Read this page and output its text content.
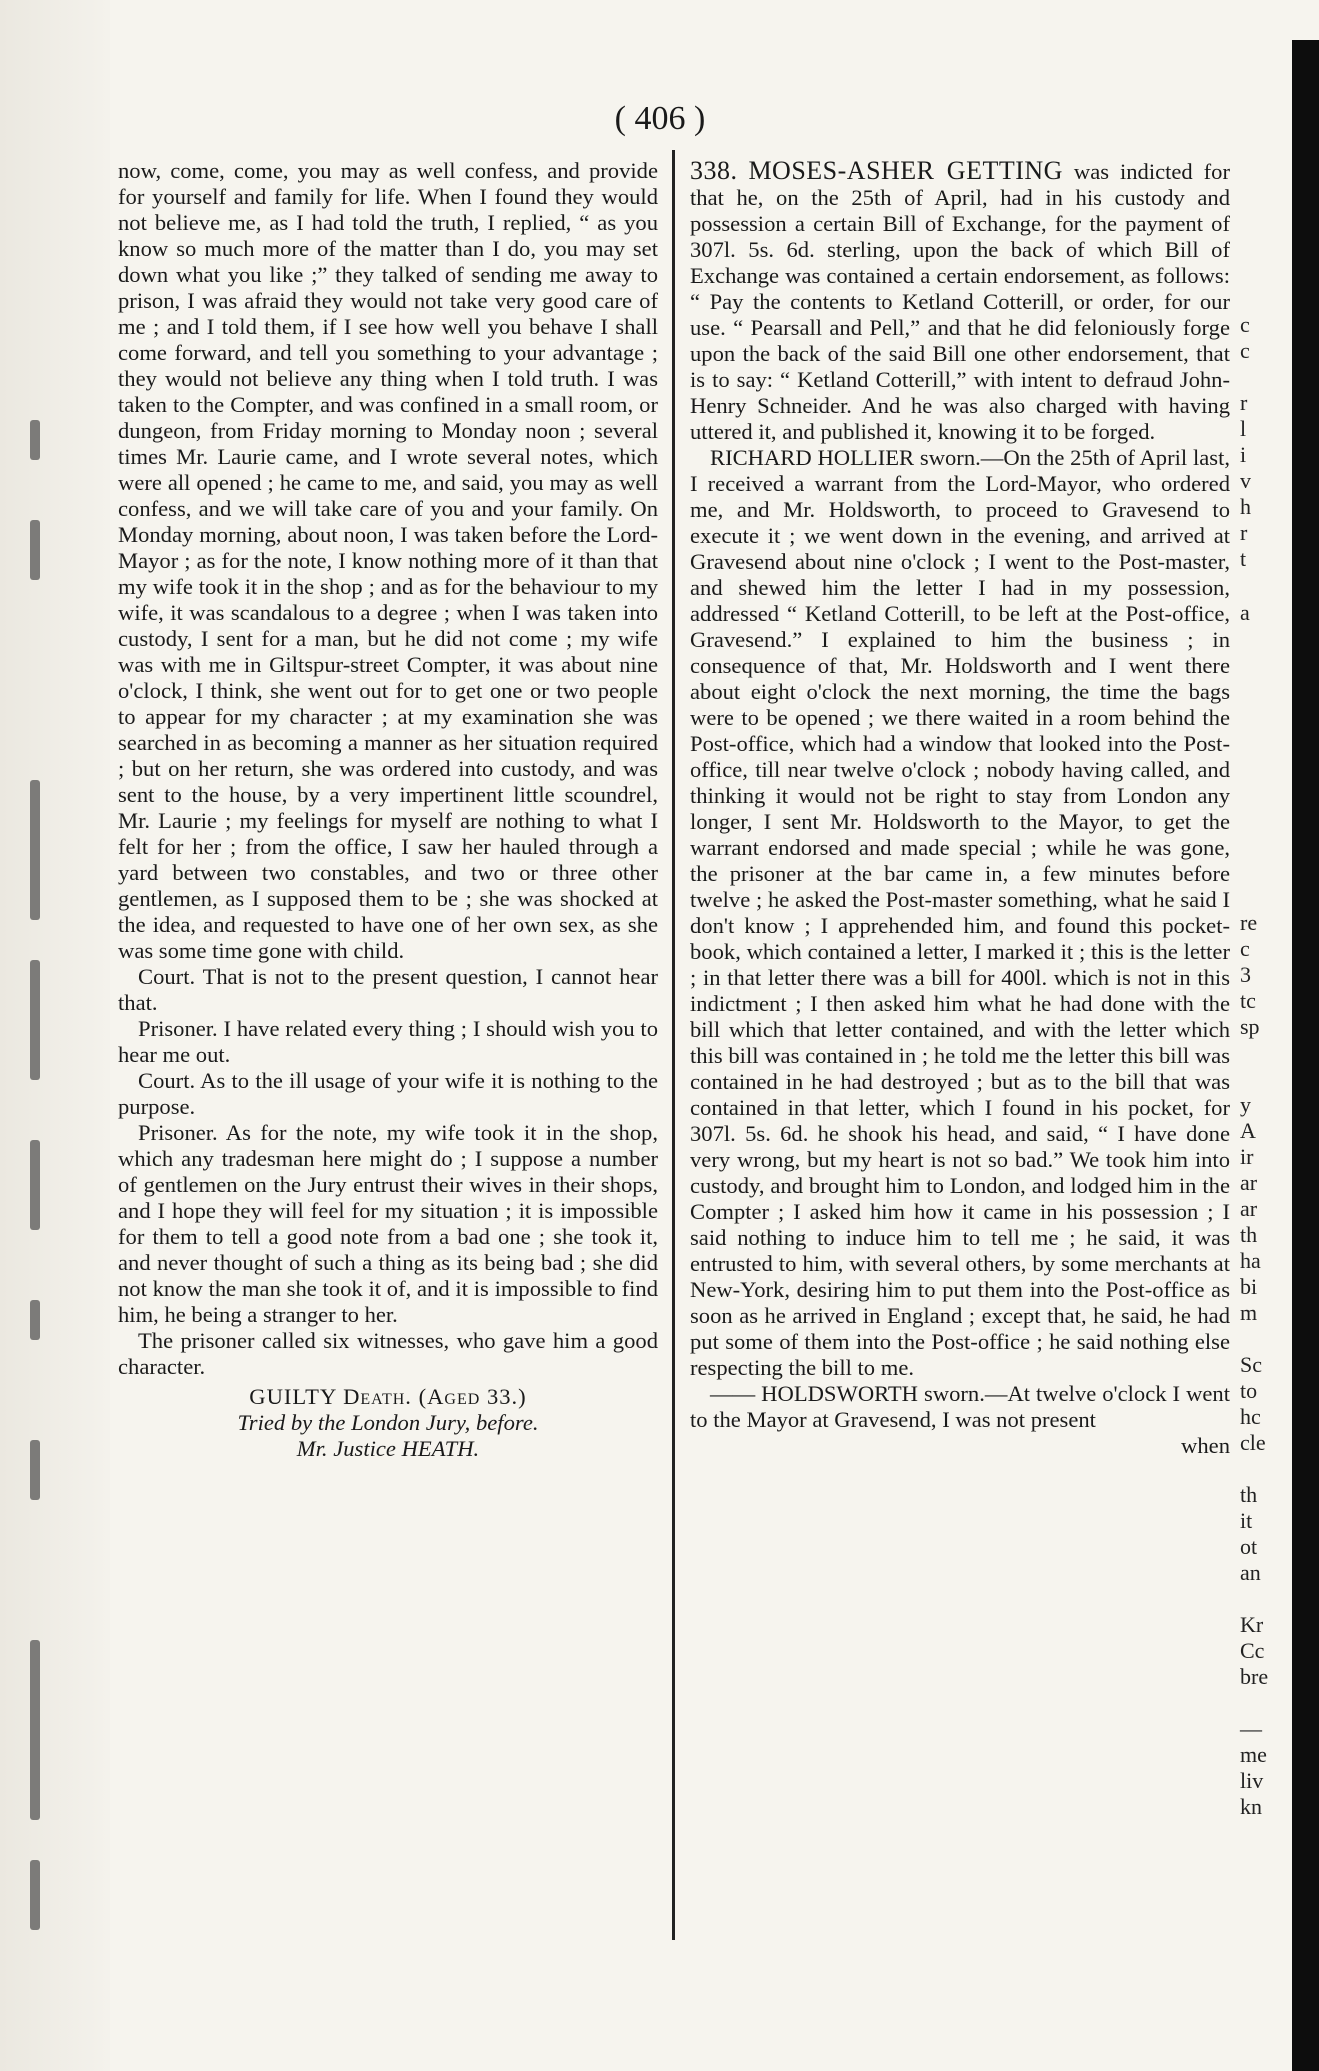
( 406 )

now, come, come, you may as well confess, and provide for yourself and family for life. When I found they would not believe me, as I had told the truth, I replied, “ as you know so much more of the matter than I do, you may set down what you like ;” they talked of sending me away to prison, I was afraid they would not take very good care of me ; and I told them, if I see how well you behave I shall come forward, and tell you something to your advantage ; they would not believe any thing when I told truth. I was taken to the Compter, and was confined in a small room, or dungeon, from Friday morning to Monday noon ; several times Mr. Laurie came, and I wrote several notes, which were all opened ; he came to me, and said, you may as well confess, and we will take care of you and your family. On Monday morning, about noon, I was taken before the Lord-Mayor ; as for the note, I know nothing more of it than that my wife took it in the shop ; and as for the behaviour to my wife, it was scandalous to a degree ; when I was taken into custody, I sent for a man, but he did not come ; my wife was with me in Giltspur-street Compter, it was about nine o'clock, I think, she went out for to get one or two people to appear for my character ; at my examination she was searched in as becoming a manner as her situation required ; but on her return, she was ordered into custody, and was sent to the house, by a very impertinent little scoundrel, Mr. Laurie ; my feelings for myself are nothing to what I felt for her ; from the office, I saw her hauled through a yard between two constables, and two or three other gentlemen, as I supposed them to be ; she was shocked at the idea, and requested to have one of her own sex, as she was some time gone with child.

Court. That is not to the present question, I cannot hear that.

Prisoner. I have related every thing ; I should wish you to hear me out.

Court. As to the ill usage of your wife it is nothing to the purpose.

Prisoner. As for the note, my wife took it in the shop, which any tradesman here might do ; I suppose a number of gentlemen on the Jury entrust their wives in their shops, and I hope they will feel for my situation ; it is impossible for them to tell a good note from a bad one ; she took it, and never thought of such a thing as its being bad ; she did not know the man she took it of, and it is impossible to find him, he being a stranger to her.

The prisoner called six witnesses, who gave him a good character.

GUILTY Death. (Aged 33.)
Tried by the London Jury, before.
Mr. Justice HEATH.

338. MOSES-ASHER GETTING was indicted for that he, on the 25th of April, had in his custody and possession a certain Bill of Exchange, for the payment of 307l. 5s. 6d. sterling, upon the back of which Bill of Exchange was contained a certain endorsement, as follows: “ Pay the contents to Ketland Cotterill, or order, for our use. “ Pearsall and Pell,” and that he did feloniously forge upon the back of the said Bill one other endorsement, that is to say: “ Ketland Cotterill,” with intent to defraud John-Henry Schneider. And he was also charged with having uttered it, and published it, knowing it to be forged.

RICHARD HOLLIER sworn.—On the 25th of April last, I received a warrant from the Lord-Mayor, who ordered me, and Mr. Holdsworth, to proceed to Gravesend to execute it ; we went down in the evening, and arrived at Gravesend about nine o'clock ; I went to the Post-master, and shewed him the letter I had in my possession, addressed “ Ketland Cotterill, to be left at the Post-office, Gravesend.” I explained to him the business ; in consequence of that, Mr. Holdsworth and I went there about eight o'clock the next morning, the time the bags were to be opened ; we there waited in a room behind the Post-office, which had a window that looked into the Post-office, till near twelve o'clock ; nobody having called, and thinking it would not be right to stay from London any longer, I sent Mr. Holdsworth to the Mayor, to get the warrant endorsed and made special ; while he was gone, the prisoner at the bar came in, a few minutes before twelve ; he asked the Post-master something, what he said I don't know ; I apprehended him, and found this pocket-book, which contained a letter, I marked it ; this is the letter ; in that letter there was a bill for 400l. which is not in this indictment ; I then asked him what he had done with the bill which that letter contained, and with the letter which this bill was contained in ; he told me the letter this bill was contained in he had destroyed ; but as to the bill that was contained in that letter, which I found in his pocket, for 307l. 5s. 6d. he shook his head, and said, “ I have done very wrong, but my heart is not so bad.” We took him into custody, and brought him to London, and lodged him in the Compter ; I asked him how it came in his possession ; I said nothing to induce him to tell me ; he said, it was entrusted to him, with several others, by some merchants at New-York, desiring him to put them into the Post-office as soon as he arrived in England ; except that, he said, he had put some of them into the Post-office ; he said nothing else respecting the bill to me.

—— HOLDSWORTH sworn.—At twelve o'clock I went to the Mayor at Gravesend, I was not present

when
c
c
r
l
i
v
h
r
t
a
re
c
3
tc
sp
y
A
ir
ar
ar
th
ha
bi
m
Sc
to
hc
cle
th
it
ot
an
Kr
Cc
bre
—
me
liv
kn
